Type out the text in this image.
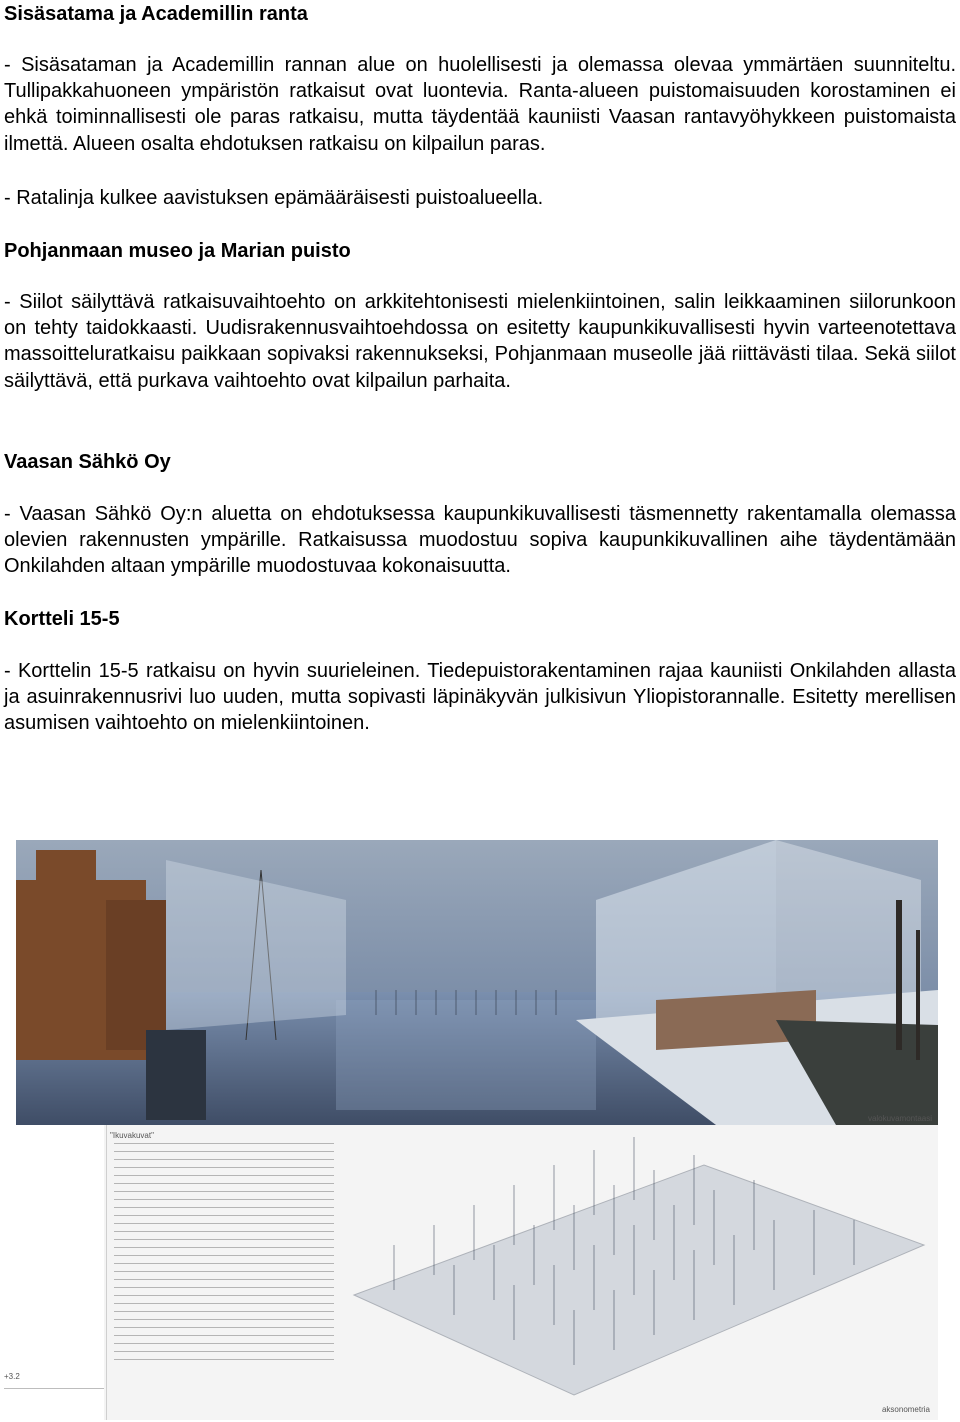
Sisäsatama ja Academillin ranta

- Sisäsataman ja Academillin rannan alue on huolellisesti ja olemassa olevaa ymmärtäen suunniteltu. Tullipakkahuoneen ympäristön ratkaisut ovat luontevia. Ranta-alueen puistomaisuuden korostaminen ei ehkä toiminnallisesti ole paras ratkaisu, mutta täydentää kauniisti Vaasan rantavyöhykkeen puistomaista ilmettä. Alueen osalta ehdotuksen ratkaisu on kilpailun paras.

- Ratalinja kulkee aavistuksen epämääräisesti puistoalueella.

Pohjanmaan museo ja Marian puisto

- Siilot säilyttävä ratkaisuvaihtoehto on arkkitehtonisesti mielenkiintoinen, salin leikkaaminen siilorunkoon on tehty taidokkaasti. Uudisrakennusvaihtoehdossa on esitetty kaupunkikuvallisesti hyvin varteenotettava massoitteluratkaisu paikkaan sopivaksi rakennukseksi, Pohjanmaan museolle jää riittävästi tilaa. Sekä siilot säilyttävä, että purkava vaihtoehto ovat kilpailun parhaita.

Vaasan Sähkö Oy

- Vaasan Sähkö Oy:n aluetta on ehdotuksessa kaupunkikuvallisesti täsmennetty rakentamalla olemassa olevien rakennusten ympärille. Ratkaisussa muodostuu sopiva kaupunkikuvallinen aihe täydentämään Onkilahden altaan ympärille muodostuvaa kokonaisuutta.

Kortteli 15-5

- Korttelin 15-5 ratkaisu on hyvin suurieleinen. Tiedepuistorakentaminen rajaa kauniisti Onkilahden allasta ja asuinrakennusrivi luo uuden, mutta sopivasti läpinäkyvän julkisivun Yliopistorannalle. Esitetty merellisen asumisen vaihtoehto on mielenkiintoinen.

valokuvamontaasi
"Ikuvakuvat"
aksonometria
+3.2
